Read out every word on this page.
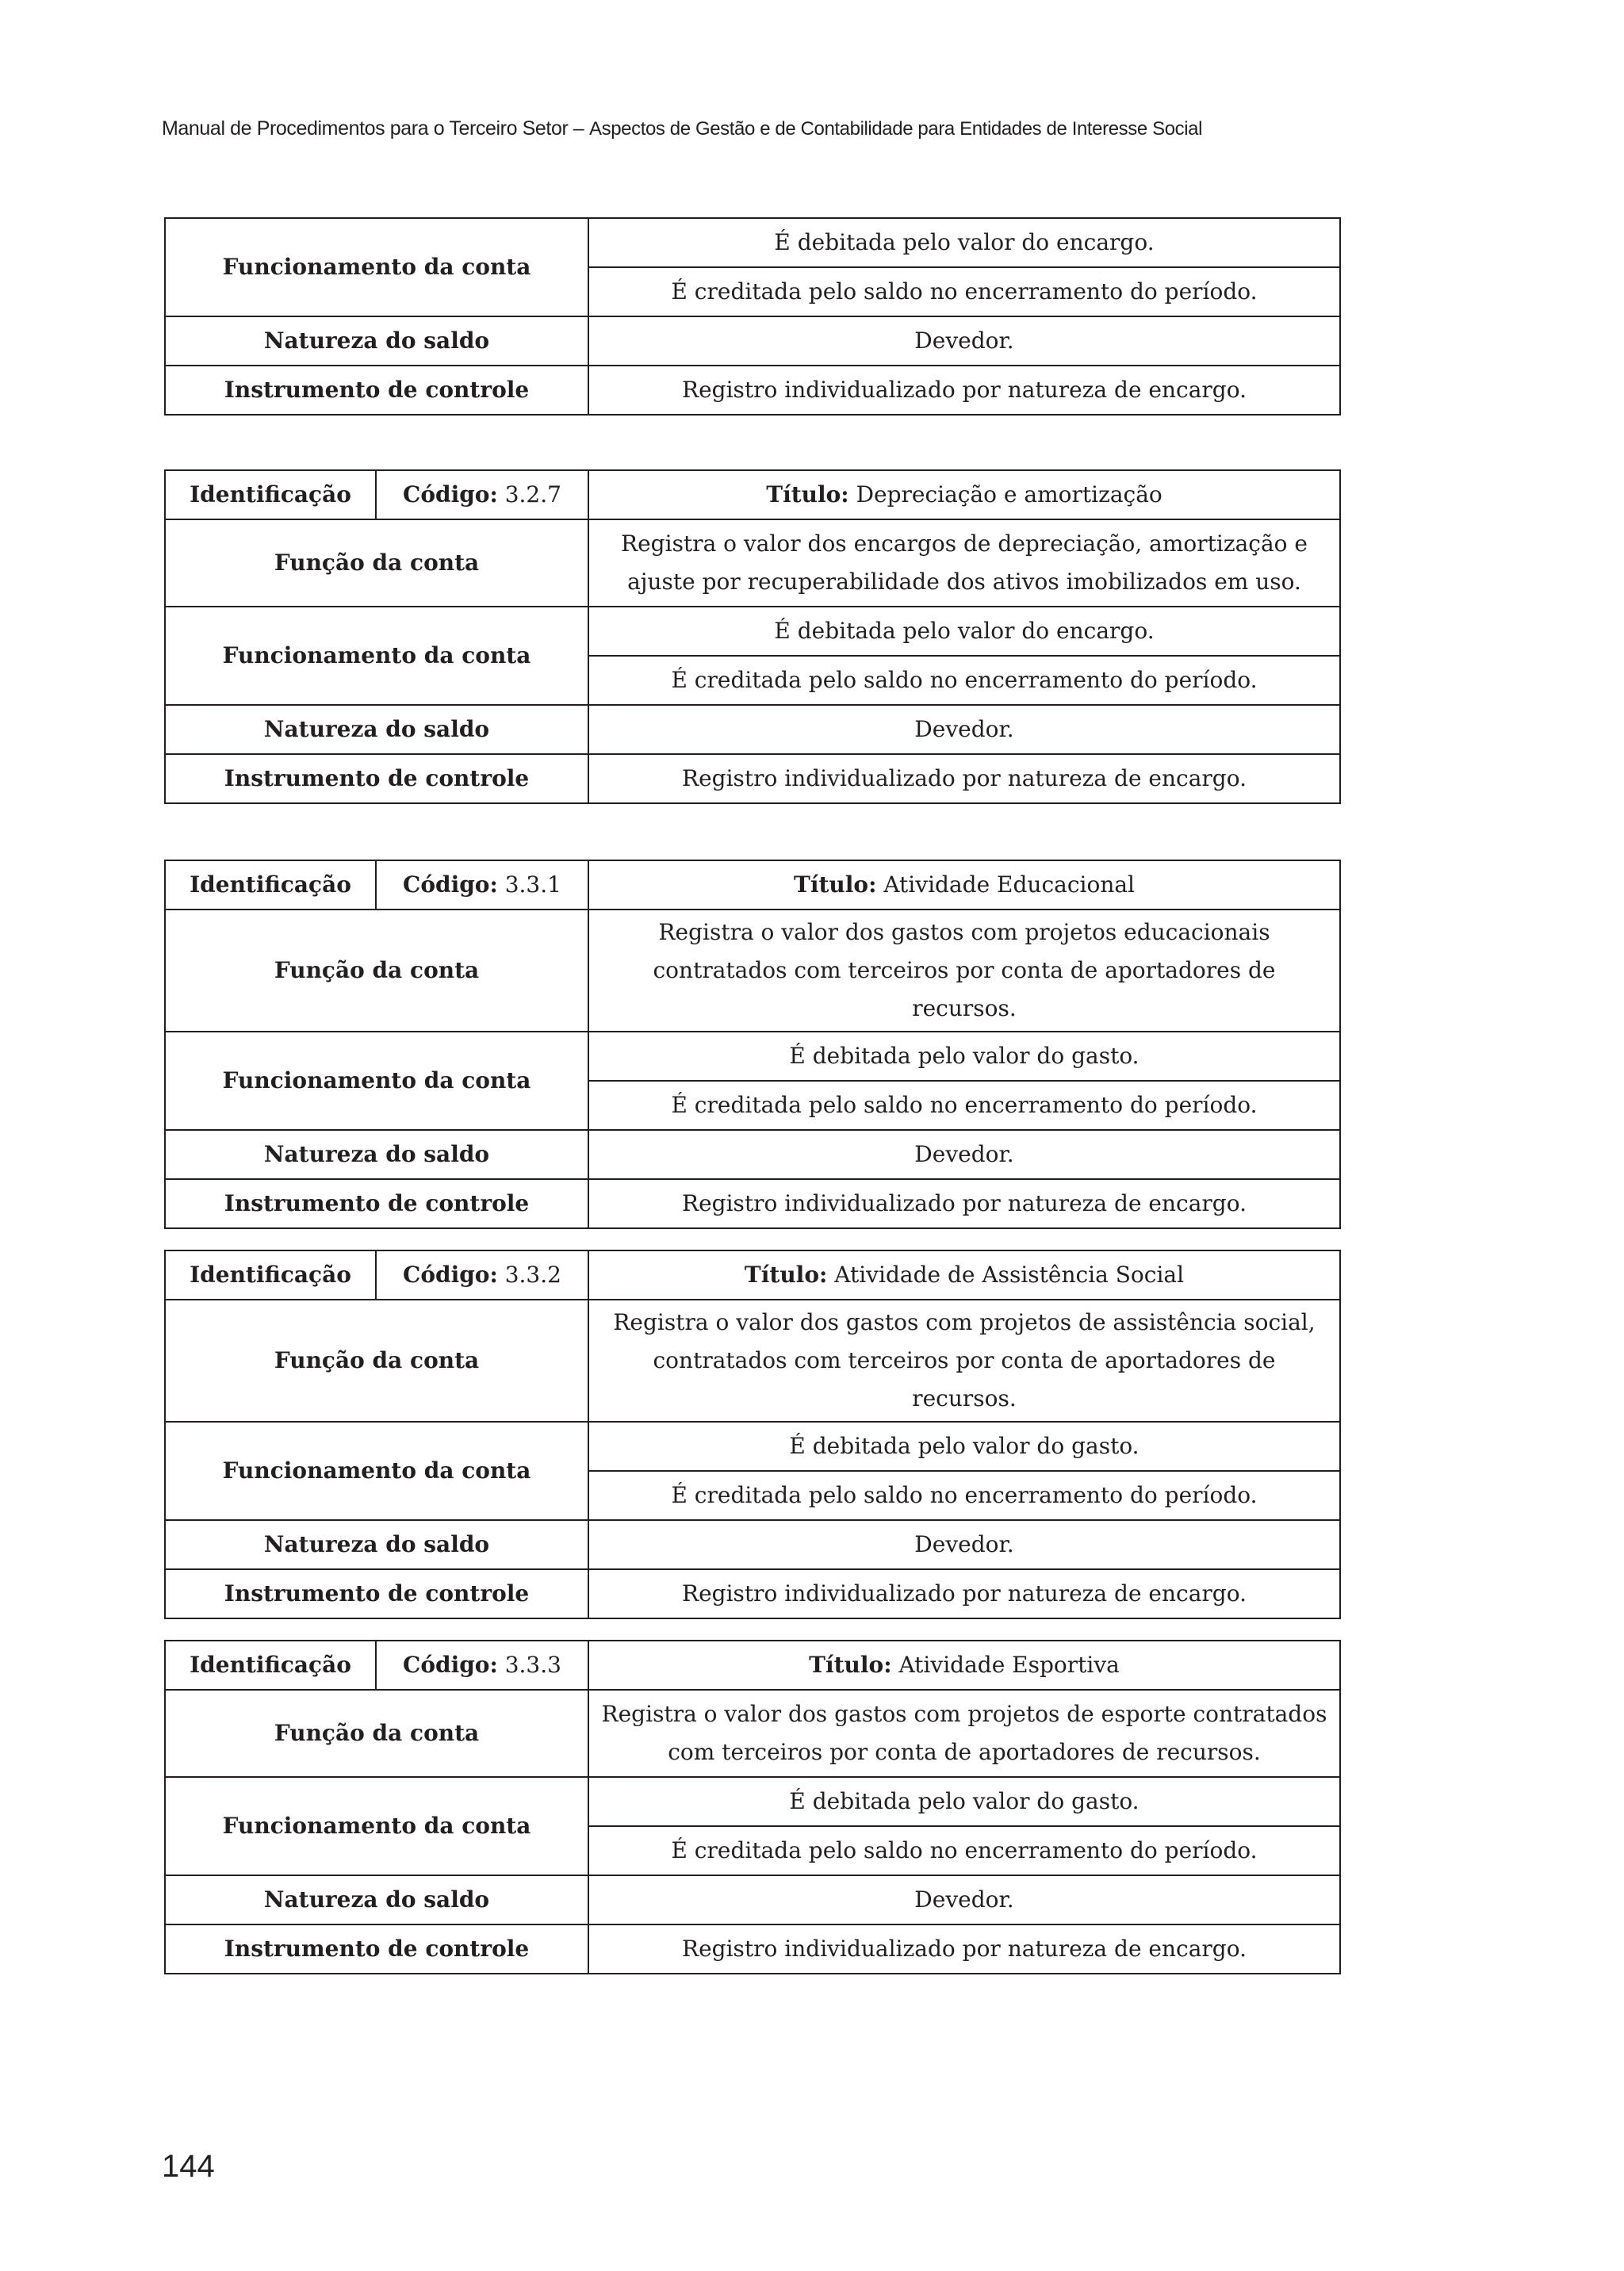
Manual de Procedimentos para o Terceiro Setor – Aspectos de Gestão e de Contabilidade para Entidades de Interesse Social
Funcionamento da conta	É debitada pelo valor do encargo.
	É creditada pelo saldo no encerramento do período.
Natureza do saldo	Devedor.
Instrumento de controle	Registro individualizado por natureza de encargo.
Identificação	Código: 3.2.7	Título: Depreciação e amortização
Função da conta		Registra o valor dos encargos de depreciação, amortização e ajuste por recuperabilidade dos ativos imobilizados em uso.
Funcionamento da conta		É debitada pelo valor do encargo.
		É creditada pelo saldo no encerramento do período.
Natureza do saldo		Devedor.
Instrumento de controle		Registro individualizado por natureza de encargo.
Identificação	Código: 3.3.1	Título: Atividade Educacional
Função da conta		Registra o valor dos gastos com projetos educacionais contratados com terceiros por conta de aportadores de recursos.
Funcionamento da conta		É debitada pelo valor do gasto.
		É creditada pelo saldo no encerramento do período.
Natureza do saldo		Devedor.
Instrumento de controle		Registro individualizado por natureza de encargo.
Identificação	Código: 3.3.2	Título: Atividade de Assistência Social
Função da conta		Registra o valor dos gastos com projetos de assistência social, contratados com terceiros por conta de aportadores de recursos.
Funcionamento da conta		É debitada pelo valor do gasto.
		É creditada pelo saldo no encerramento do período.
Natureza do saldo		Devedor.
Instrumento de controle		Registro individualizado por natureza de encargo.
Identificação	Código: 3.3.3	Título: Atividade Esportiva
Função da conta		Registra o valor dos gastos com projetos de esporte contratados com terceiros por conta de aportadores de recursos.
Funcionamento da conta		É debitada pelo valor do gasto.
		É creditada pelo saldo no encerramento do período.
Natureza do saldo		Devedor.
Instrumento de controle		Registro individualizado por natureza de encargo.
144
